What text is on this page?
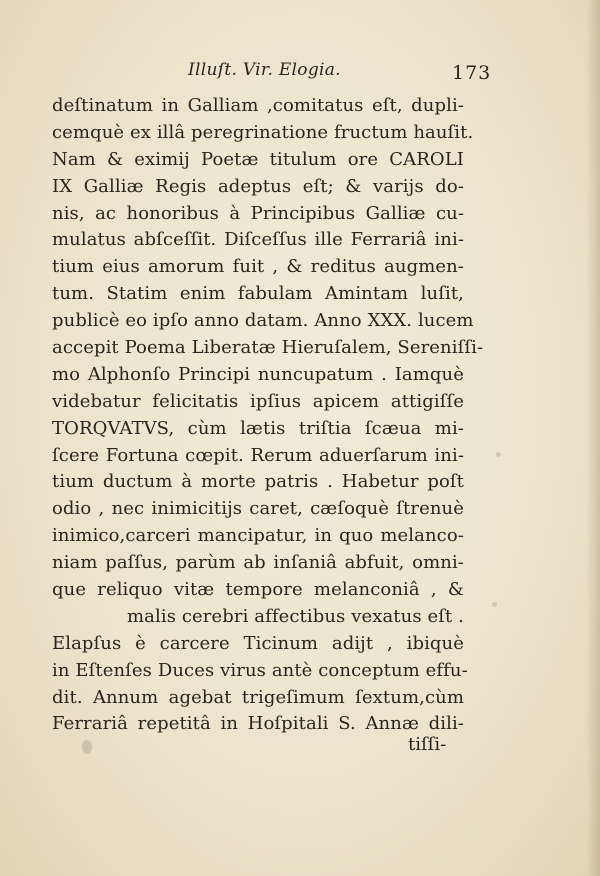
Illuſt. Vir. Elogia.	173
deſtinatum in Galliam ,comitatus eſt, dupli-
cemquè ex illâ peregrinatione fructum hauſit.
Nam & eximij Poetæ titulum ore CAROLI
IX Galliæ Regis adeptus eſt; & varijs do-
nis, ac honoribus à Principibus Galliæ cu-
mulatus abſceſſit. Diſceſſus ille Ferrariâ ini-
tium eius amorum fuit , & reditus augmen-
tum. Statim enim fabulam Amintam luſit,
publicè eo ipſo anno datam. Anno XXX. lucem
accepit Poema Liberatæ Hieruſalem, Sereniſſi-
mo Alphonſo Principi nuncupatum . Iamquè
videbatur felicitatis ipſius apicem attigiſſe
TORQVATVS, cùm lætis triſtia ſcæua mi-
ſcere Fortuna cœpit. Rerum aduerſarum ini-
tium ductum à morte patris . Habetur poſt
odio , nec inimicitijs caret, cæſoquè ſtrenuè
inimico,carceri mancipatur, in quo melanco-
niam paſſus, parùm ab inſaniâ abfuit, omni-
que reliquo vitæ tempore melanconiâ , &
malis cerebri affectibus vexatus eſt .
Elapſus è carcere Ticinum adijt , ibiquè
in Eſtenſes Duces virus antè conceptum effu-
dit. Annum agebat trigeſimum ſextum,cùm
Ferrariâ repetitâ in Hoſpitali S. Annæ dili-
tiſſi-
